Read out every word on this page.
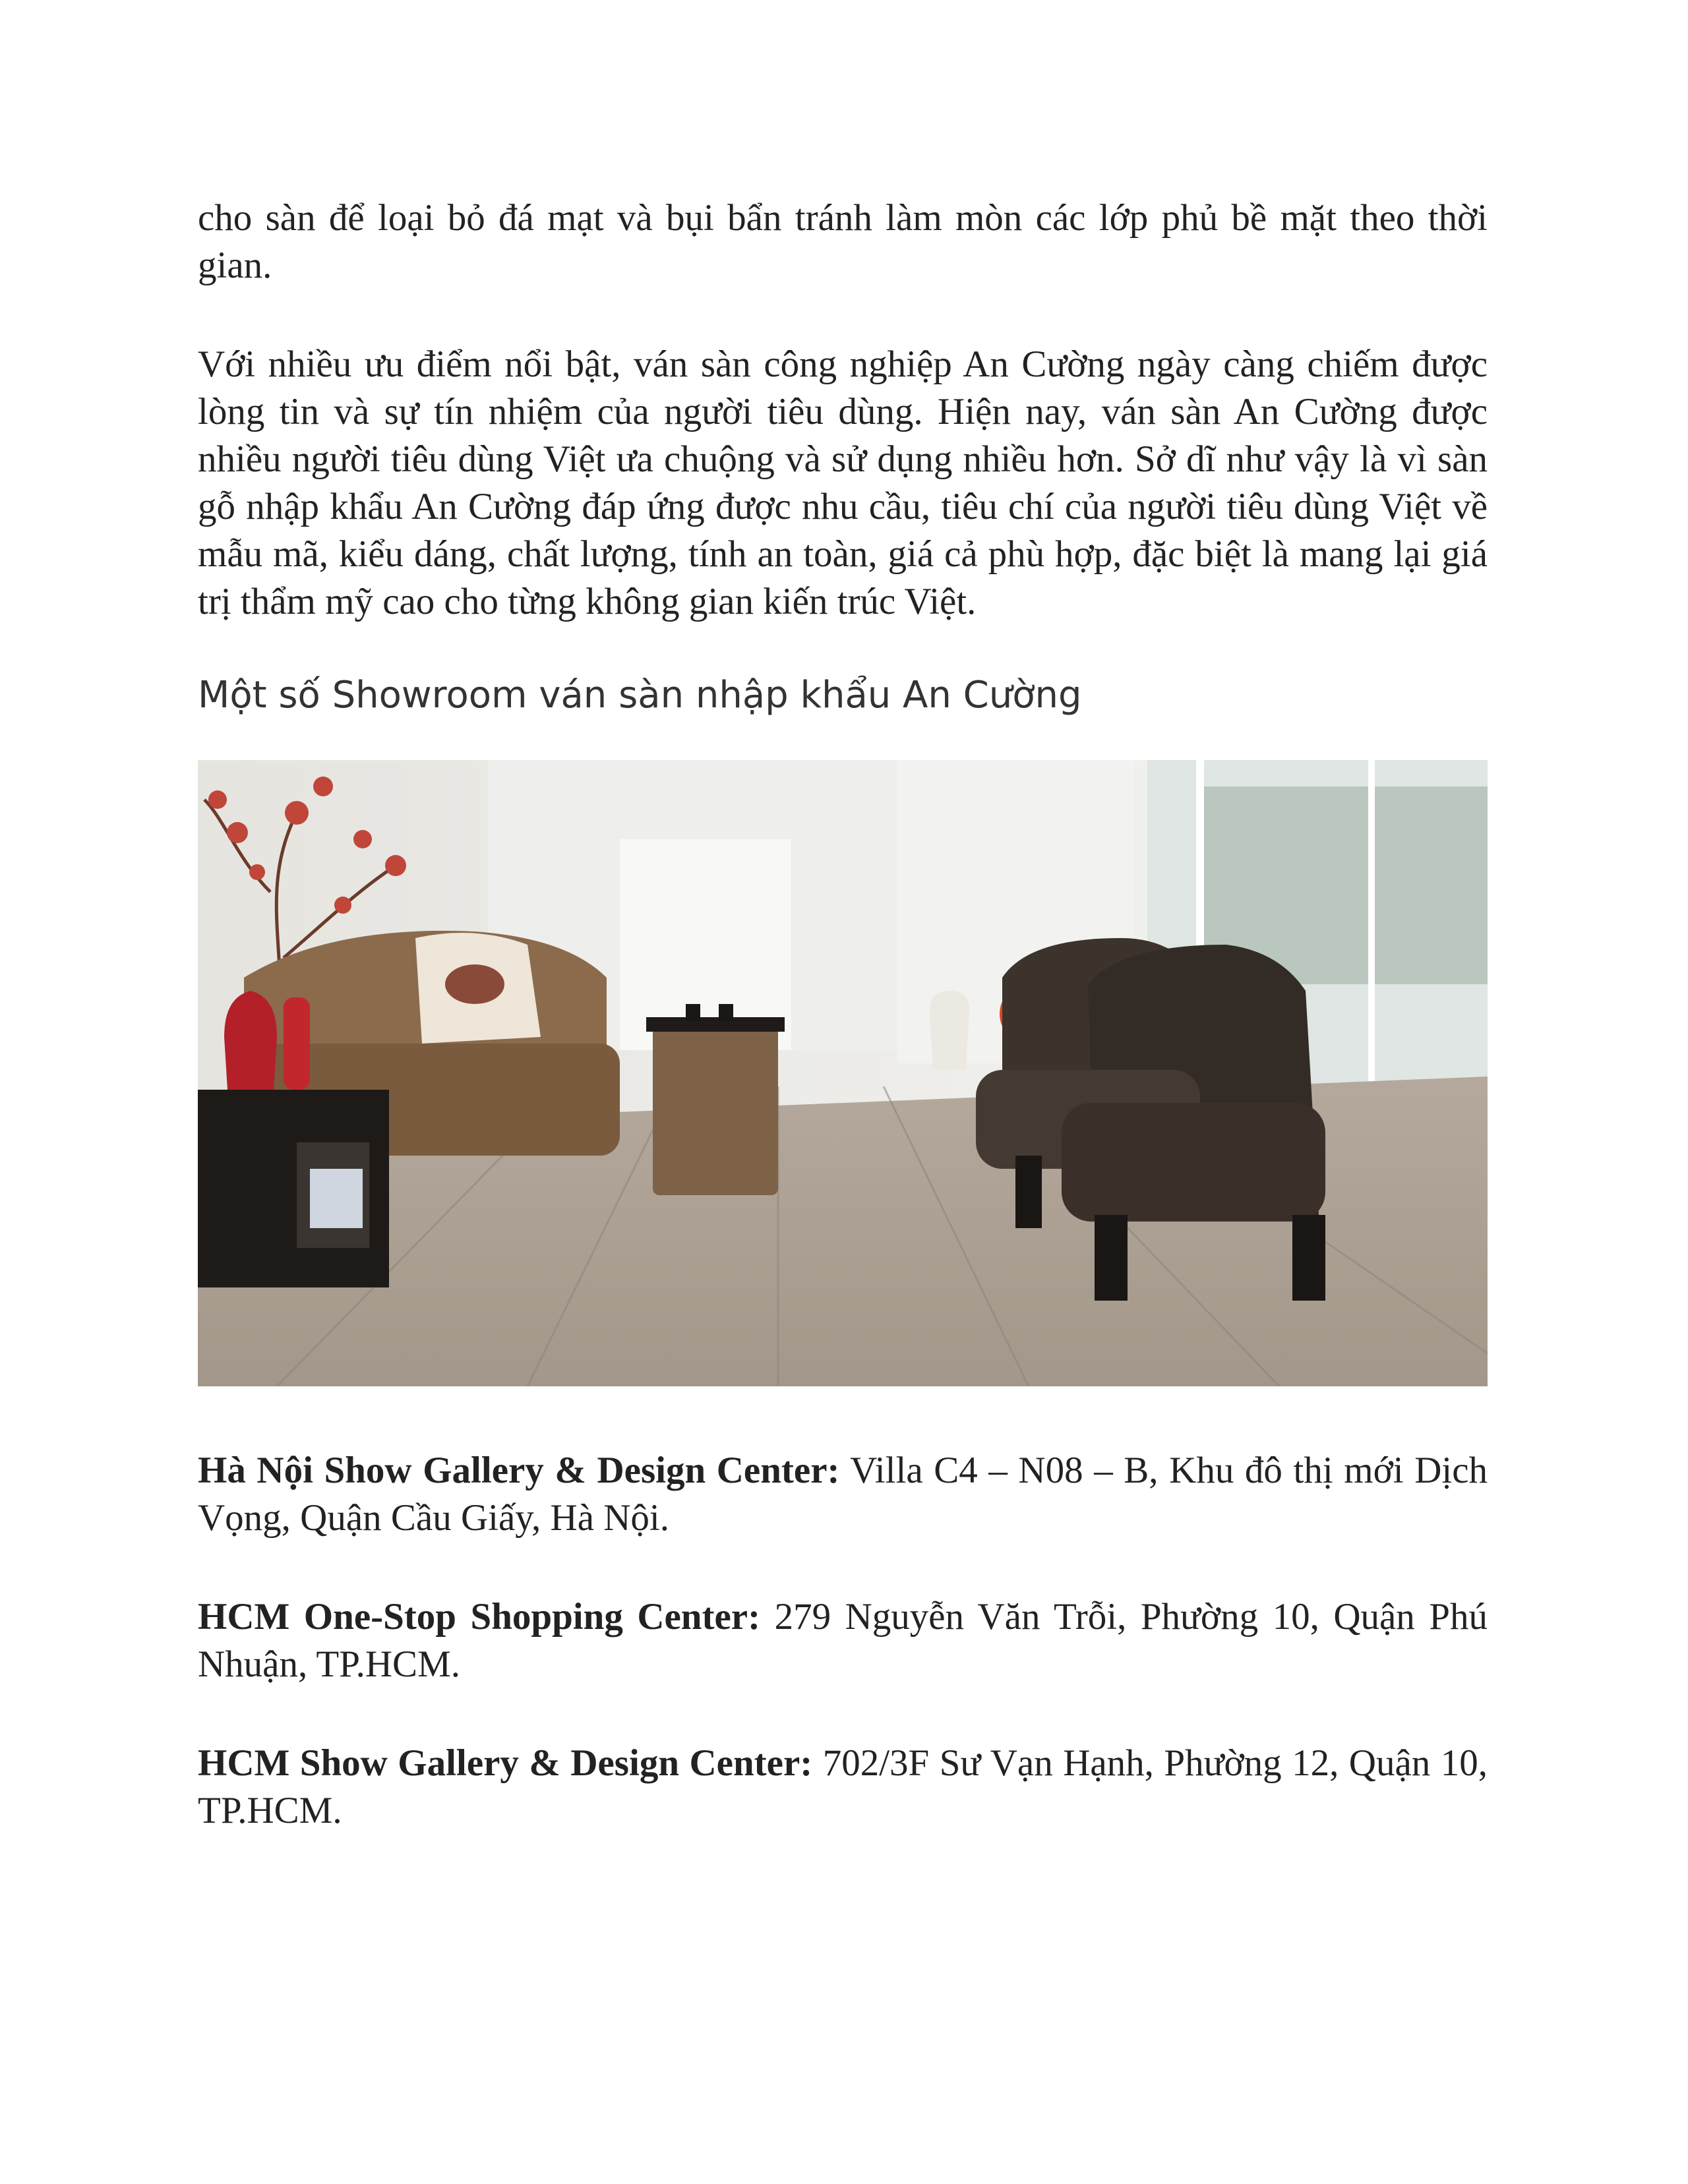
cho sàn để loại bỏ đá mạt và bụi bẩn tránh làm mòn các lớp phủ bề mặt theo thời gian.

Với nhiều ưu điểm nổi bật, ván sàn công nghiệp An Cường ngày càng chiếm được lòng tin và sự tín nhiệm của người tiêu dùng. Hiện nay, ván sàn An Cường được nhiều người tiêu dùng Việt ưa chuộng và sử dụng nhiều hơn. Sở dĩ như vậy là vì sàn gỗ nhập khẩu An Cường đáp ứng được nhu cầu, tiêu chí của người tiêu dùng Việt về mẫu mã, kiểu dáng, chất lượng, tính an toàn, giá cả phù hợp, đặc biệt là mang lại giá trị thẩm mỹ cao cho từng không gian kiến trúc Việt.

Một số Showroom ván sàn nhập khẩu An Cường

Hà Nội Show Gallery & Design Center: Villa C4 – N08 – B, Khu đô thị mới Dịch Vọng, Quận Cầu Giấy, Hà Nội.

HCM One-Stop Shopping Center: 279 Nguyễn Văn Trỗi, Phường 10, Quận Phú Nhuận, TP.HCM.

HCM Show Gallery & Design Center: 702/3F Sư Vạn Hạnh, Phường 12, Quận 10, TP.HCM.
